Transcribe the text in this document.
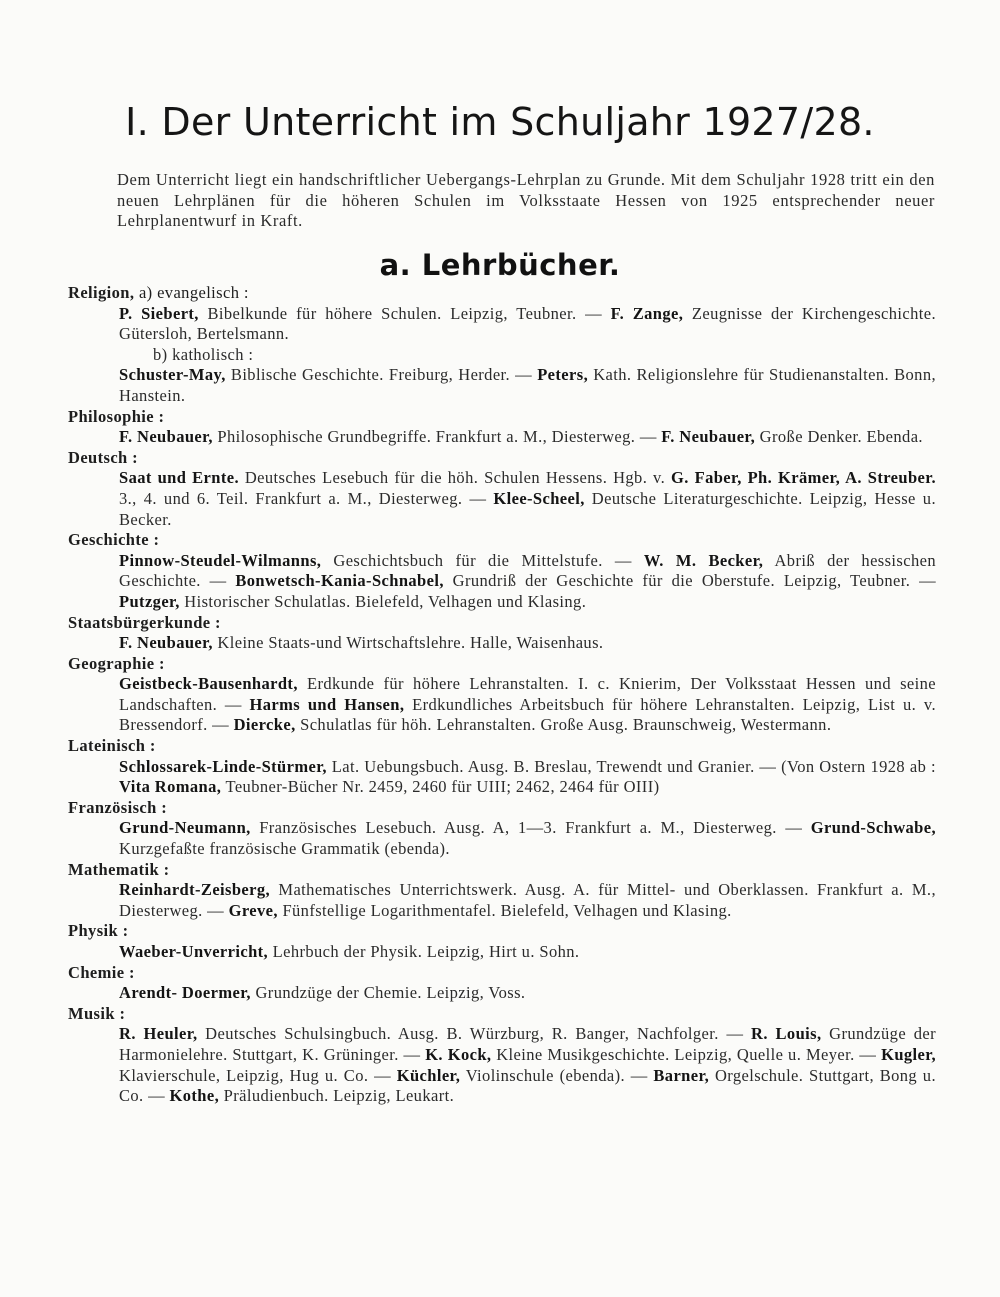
I. Der Unterricht im Schuljahr 1927/28.

Dem Unterricht liegt ein handschriftlicher Uebergangs-Lehrplan zu Grunde. Mit dem Schuljahr 1928 tritt ein den neuen Lehrplänen für die höheren Schulen im Volksstaate Hessen von 1925 entsprechender neuer Lehrplanentwurf in Kraft.

a. Lehrbücher.
Religion, a) evangelisch :
P. Siebert, Bibelkunde für höhere Schulen. Leipzig, Teubner. — F. Zange, Zeugnisse der Kirchengeschichte. Gütersloh, Bertelsmann.
b) katholisch :
Schuster-May, Biblische Geschichte. Freiburg, Herder. — Peters, Kath. Religionslehre für Studienanstalten. Bonn, Hanstein.
Philosophie :
F. Neubauer, Philosophische Grundbegriffe. Frankfurt a. M., Diesterweg. — F. Neubauer, Große Denker. Ebenda.
Deutsch :
Saat und Ernte. Deutsches Lesebuch für die höh. Schulen Hessens. Hgb. v. G. Faber, Ph. Krämer, A. Streuber. 3., 4. und 6. Teil. Frankfurt a. M., Diesterweg. — Klee-Scheel, Deutsche Literaturgeschichte. Leipzig, Hesse u. Becker.
Geschichte :
Pinnow-Steudel-Wilmanns, Geschichtsbuch für die Mittelstufe. — W. M. Becker, Abriß der hessischen Geschichte. — Bonwetsch-Kania-Schnabel, Grundriß der Geschichte für die Oberstufe. Leipzig, Teubner. — Putzger, Historischer Schulatlas. Bielefeld, Velhagen und Klasing.
Staatsbürgerkunde :
F. Neubauer, Kleine Staats-und Wirtschaftslehre. Halle, Waisenhaus.
Geographie :
Geistbeck-Bausenhardt, Erdkunde für höhere Lehranstalten. I. c. Knierim, Der Volksstaat Hessen und seine Landschaften. — Harms und Hansen, Erdkundliches Arbeitsbuch für höhere Lehranstalten. Leipzig, List u. v. Bressendorf. — Diercke, Schulatlas für höh. Lehranstalten. Große Ausg. Braunschweig, Westermann.
Lateinisch :
Schlossarek-Linde-Stürmer, Lat. Uebungsbuch. Ausg. B. Breslau, Trewendt und Granier. — (Von Ostern 1928 ab : Vita Romana, Teubner-Bücher Nr. 2459, 2460 für UIII; 2462, 2464 für OIII)
Französisch :
Grund-Neumann, Französisches Lesebuch. Ausg. A, 1—3. Frankfurt a. M., Diesterweg. — Grund-Schwabe, Kurzgefaßte französische Grammatik (ebenda).
Mathematik :
Reinhardt-Zeisberg, Mathematisches Unterrichtswerk. Ausg. A. für Mittel- und Oberklassen. Frankfurt a. M., Diesterweg. — Greve, Fünfstellige Logarithmentafel. Bielefeld, Velhagen und Klasing.
Physik :
Waeber-Unverricht, Lehrbuch der Physik. Leipzig, Hirt u. Sohn.
Chemie :
Arendt- Doermer, Grundzüge der Chemie. Leipzig, Voss.
Musik :
R. Heuler, Deutsches Schulsingbuch. Ausg. B. Würzburg, R. Banger, Nachfolger. — R. Louis, Grundzüge der Harmonielehre. Stuttgart, K. Grüninger. — K. Kock, Kleine Musikgeschichte. Leipzig, Quelle u. Meyer. — Kugler, Klavierschule, Leipzig, Hug u. Co. — Küchler, Violinschule (ebenda). — Barner, Orgelschule. Stuttgart, Bong u. Co. — Kothe, Präludienbuch. Leipzig, Leukart.
